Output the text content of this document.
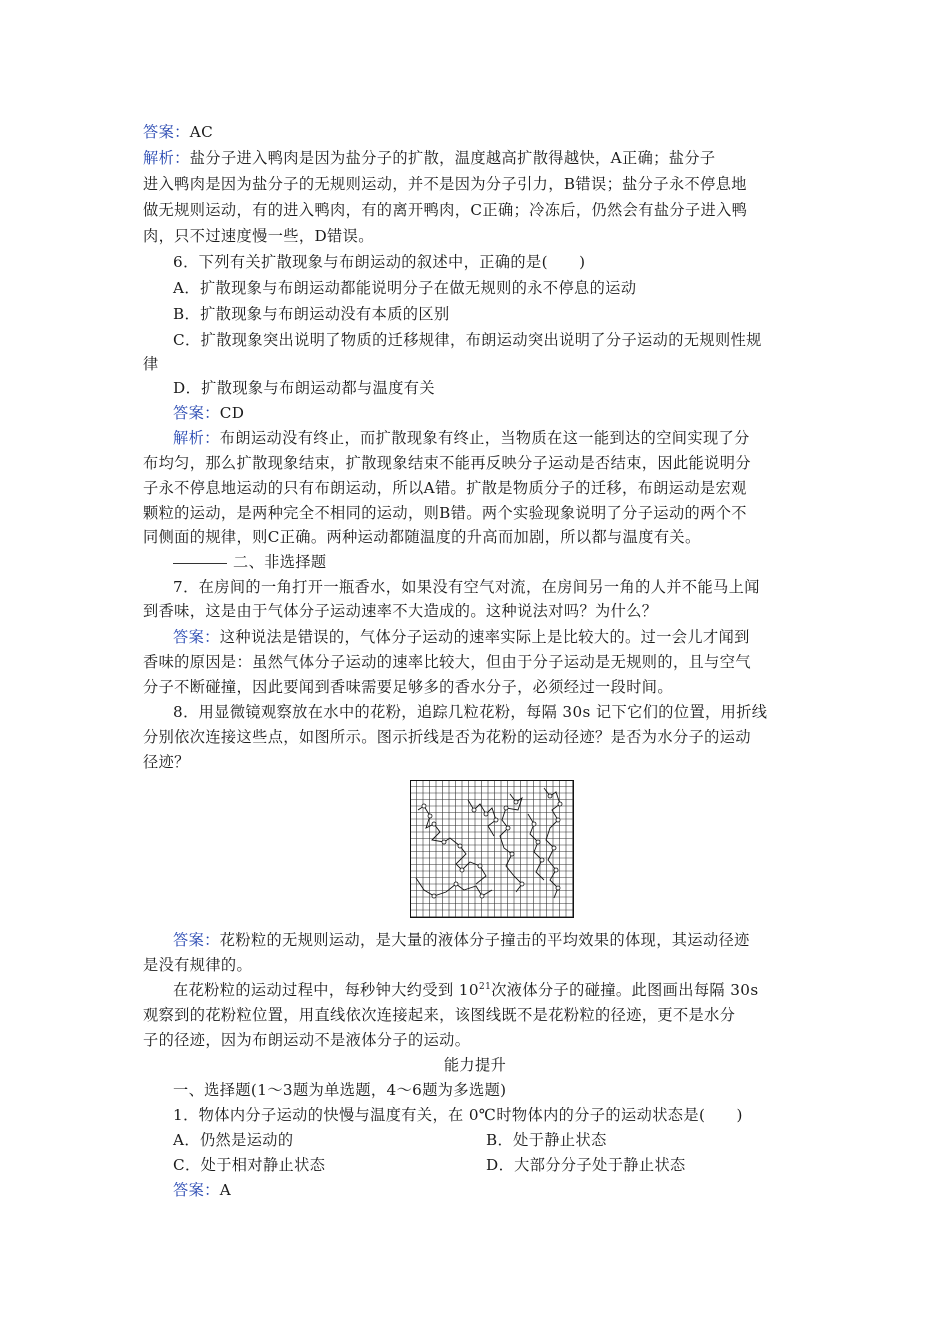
答案：AC
解析：盐分子进入鸭肉是因为盐分子的扩散，温度越高扩散得越快，A正确；盐分子
进入鸭肉是因为盐分子的无规则运动，并不是因为分子引力，B错误；盐分子永不停息地
做无规则运动，有的进入鸭肉，有的离开鸭肉，C正确；冷冻后，仍然会有盐分子进入鸭
肉，只不过速度慢一些，D错误。
6．下列有关扩散现象与布朗运动的叙述中，正确的是(　　)
A．扩散现象与布朗运动都能说明分子在做无规则的永不停息的运动
B．扩散现象与布朗运动没有本质的区别
C．扩散现象突出说明了物质的迁移规律，布朗运动突出说明了分子运动的无规则性规
律
D．扩散现象与布朗运动都与温度有关
答案：CD
解析：布朗运动没有终止，而扩散现象有终止，当物质在这一能到达的空间实现了分
布均匀，那么扩散现象结束，扩散现象结束不能再反映分子运动是否结束，因此能说明分
子永不停息地运动的只有布朗运动，所以A错。扩散是物质分子的迁移，布朗运动是宏观
颗粒的运动，是两种完全不相同的运动，则B错。两个实验现象说明了分子运动的两个不
同侧面的规律，则C正确。两种运动都随温度的升高而加剧，所以都与温度有关。
二、非选择题
7．在房间的一角打开一瓶香水，如果没有空气对流，在房间另一角的人并不能马上闻
到香味，这是由于气体分子运动速率不大造成的。这种说法对吗？为什么？
答案：这种说法是错误的，气体分子运动的速率实际上是比较大的。过一会儿才闻到
香味的原因是：虽然气体分子运动的速率比较大，但由于分子运动是无规则的，且与空气
分子不断碰撞，因此要闻到香味需要足够多的香水分子，必须经过一段时间。
8．用显微镜观察放在水中的花粉，追踪几粒花粉，每隔 30s 记下它们的位置，用折线
分别依次连接这些点，如图所示。图示折线是否为花粉的运动径迹？是否为水分子的运动
径迹？
答案：花粉粒的无规则运动，是大量的液体分子撞击的平均效果的体现，其运动径迹
是没有规律的。
在花粉粒的运动过程中，每秒钟大约受到 $10^{21}$次液体分子的碰撞。此图画出每隔 30s
观察到的花粉粒位置，用直线依次连接起来，该图线既不是花粉粒的径迹，更不是水分
子的径迹，因为布朗运动不是液体分子的运动。
能力提升
一、选择题(1～3题为单选题，4～6题为多选题)
1．物体内分子运动的快慢与温度有关，在 0℃时物体内的分子的运动状态是(　　)
A．仍然是运动的	B．处于静止状态
C．处于相对静止状态	D．大部分分子处于静止状态
答案：A
